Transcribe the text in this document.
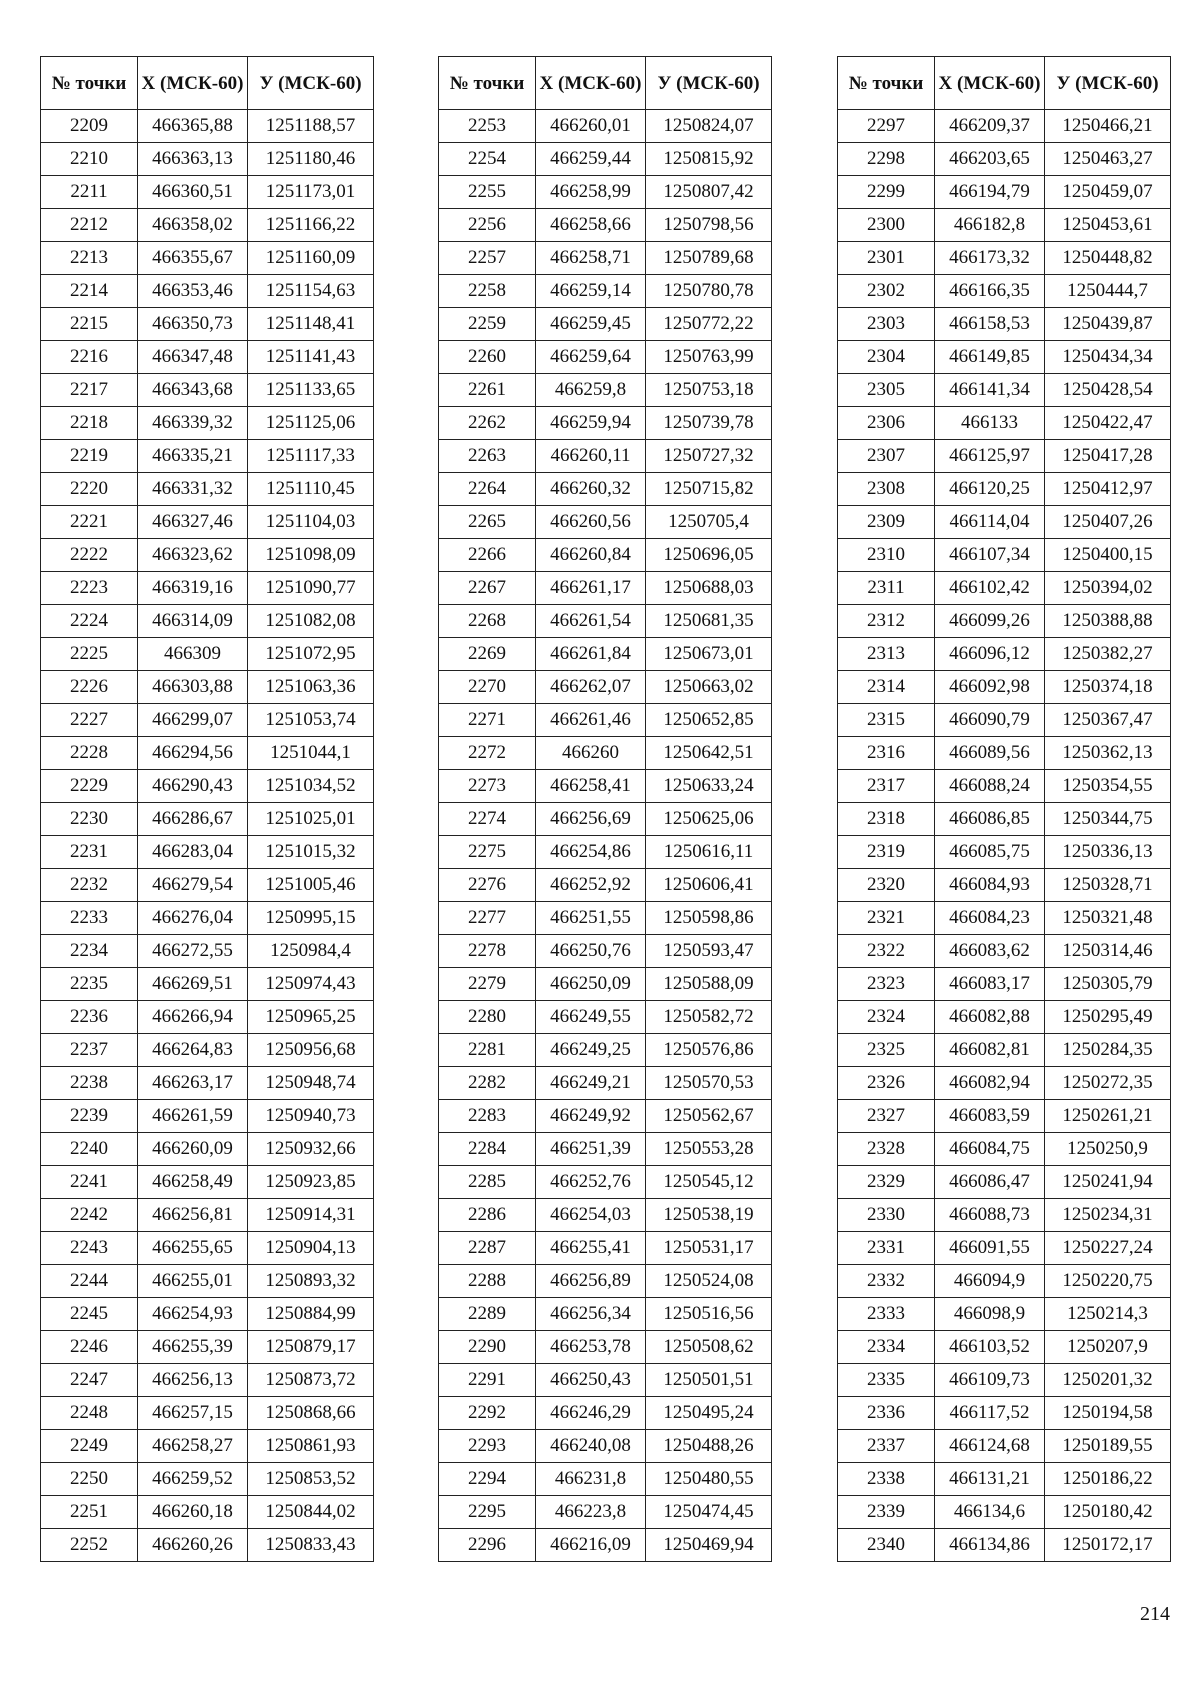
№ точки	Х (МСК-60)	У (МСК-60)
2209	466365,88	1251188,57
2210	466363,13	1251180,46
2211	466360,51	1251173,01
2212	466358,02	1251166,22
2213	466355,67	1251160,09
2214	466353,46	1251154,63
2215	466350,73	1251148,41
2216	466347,48	1251141,43
2217	466343,68	1251133,65
2218	466339,32	1251125,06
2219	466335,21	1251117,33
2220	466331,32	1251110,45
2221	466327,46	1251104,03
2222	466323,62	1251098,09
2223	466319,16	1251090,77
2224	466314,09	1251082,08
2225	466309	1251072,95
2226	466303,88	1251063,36
2227	466299,07	1251053,74
2228	466294,56	1251044,1
2229	466290,43	1251034,52
2230	466286,67	1251025,01
2231	466283,04	1251015,32
2232	466279,54	1251005,46
2233	466276,04	1250995,15
2234	466272,55	1250984,4
2235	466269,51	1250974,43
2236	466266,94	1250965,25
2237	466264,83	1250956,68
2238	466263,17	1250948,74
2239	466261,59	1250940,73
2240	466260,09	1250932,66
2241	466258,49	1250923,85
2242	466256,81	1250914,31
2243	466255,65	1250904,13
2244	466255,01	1250893,32
2245	466254,93	1250884,99
2246	466255,39	1250879,17
2247	466256,13	1250873,72
2248	466257,15	1250868,66
2249	466258,27	1250861,93
2250	466259,52	1250853,52
2251	466260,18	1250844,02
2252	466260,26	1250833,43
№ точки	Х (МСК-60)	У (МСК-60)
2253	466260,01	1250824,07
2254	466259,44	1250815,92
2255	466258,99	1250807,42
2256	466258,66	1250798,56
2257	466258,71	1250789,68
2258	466259,14	1250780,78
2259	466259,45	1250772,22
2260	466259,64	1250763,99
2261	466259,8	1250753,18
2262	466259,94	1250739,78
2263	466260,11	1250727,32
2264	466260,32	1250715,82
2265	466260,56	1250705,4
2266	466260,84	1250696,05
2267	466261,17	1250688,03
2268	466261,54	1250681,35
2269	466261,84	1250673,01
2270	466262,07	1250663,02
2271	466261,46	1250652,85
2272	466260	1250642,51
2273	466258,41	1250633,24
2274	466256,69	1250625,06
2275	466254,86	1250616,11
2276	466252,92	1250606,41
2277	466251,55	1250598,86
2278	466250,76	1250593,47
2279	466250,09	1250588,09
2280	466249,55	1250582,72
2281	466249,25	1250576,86
2282	466249,21	1250570,53
2283	466249,92	1250562,67
2284	466251,39	1250553,28
2285	466252,76	1250545,12
2286	466254,03	1250538,19
2287	466255,41	1250531,17
2288	466256,89	1250524,08
2289	466256,34	1250516,56
2290	466253,78	1250508,62
2291	466250,43	1250501,51
2292	466246,29	1250495,24
2293	466240,08	1250488,26
2294	466231,8	1250480,55
2295	466223,8	1250474,45
2296	466216,09	1250469,94
№ точки	Х (МСК-60)	У (МСК-60)
2297	466209,37	1250466,21
2298	466203,65	1250463,27
2299	466194,79	1250459,07
2300	466182,8	1250453,61
2301	466173,32	1250448,82
2302	466166,35	1250444,7
2303	466158,53	1250439,87
2304	466149,85	1250434,34
2305	466141,34	1250428,54
2306	466133	1250422,47
2307	466125,97	1250417,28
2308	466120,25	1250412,97
2309	466114,04	1250407,26
2310	466107,34	1250400,15
2311	466102,42	1250394,02
2312	466099,26	1250388,88
2313	466096,12	1250382,27
2314	466092,98	1250374,18
2315	466090,79	1250367,47
2316	466089,56	1250362,13
2317	466088,24	1250354,55
2318	466086,85	1250344,75
2319	466085,75	1250336,13
2320	466084,93	1250328,71
2321	466084,23	1250321,48
2322	466083,62	1250314,46
2323	466083,17	1250305,79
2324	466082,88	1250295,49
2325	466082,81	1250284,35
2326	466082,94	1250272,35
2327	466083,59	1250261,21
2328	466084,75	1250250,9
2329	466086,47	1250241,94
2330	466088,73	1250234,31
2331	466091,55	1250227,24
2332	466094,9	1250220,75
2333	466098,9	1250214,3
2334	466103,52	1250207,9
2335	466109,73	1250201,32
2336	466117,52	1250194,58
2337	466124,68	1250189,55
2338	466131,21	1250186,22
2339	466134,6	1250180,42
2340	466134,86	1250172,17
214
